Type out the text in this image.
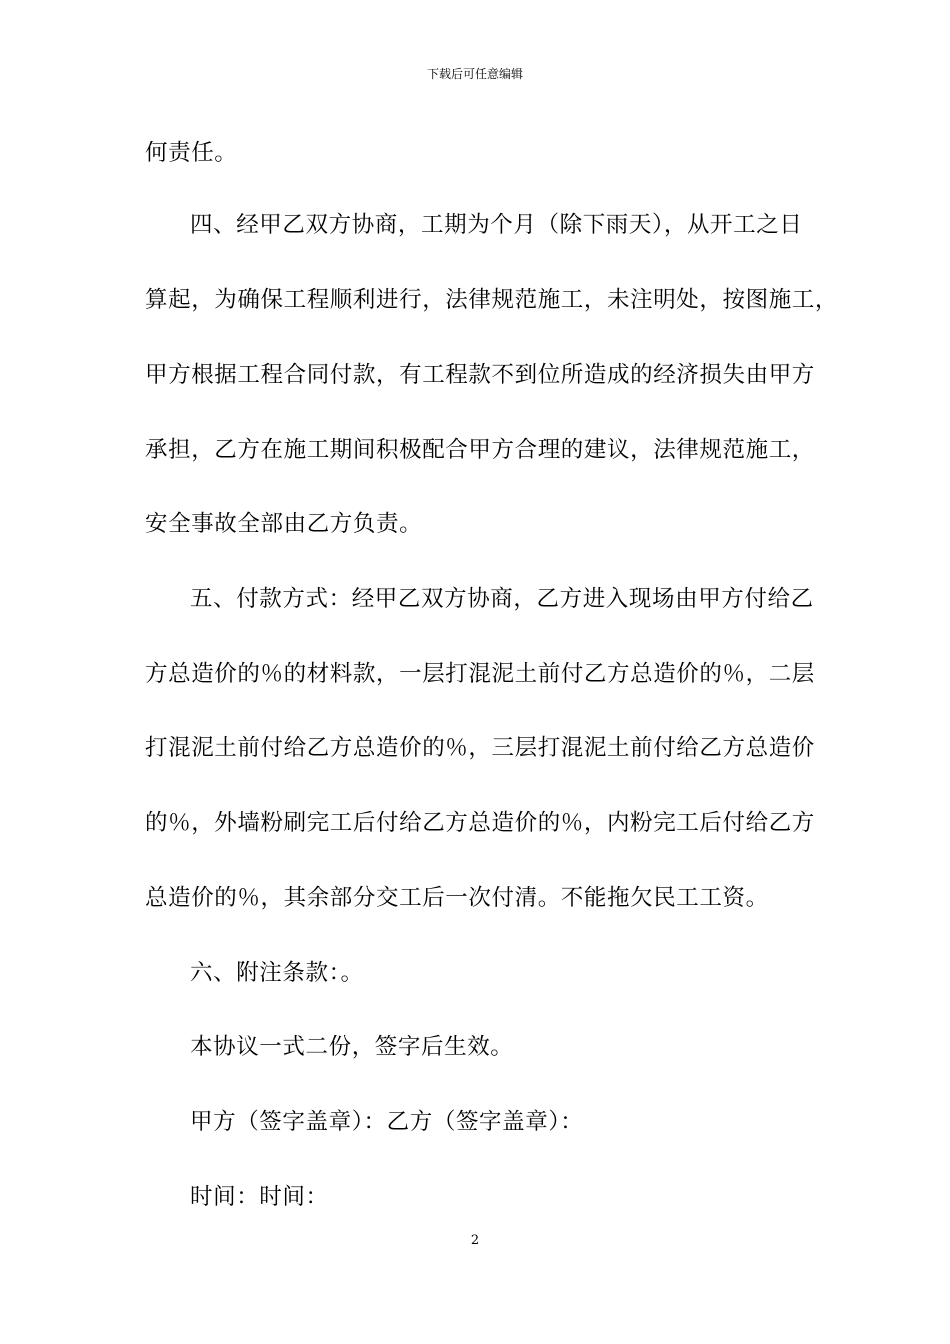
下载后可任意编辑
何责任。
四、经甲乙双方协商，工期为个月（除下雨天），从开工之日
算起，为确保工程顺利进行，法律规范施工，未注明处，按图施工，
甲方根据工程合同付款，有工程款不到位所造成的经济损失由甲方
承担，乙方在施工期间积极配合甲方合理的建议，法律规范施工，
安全事故全部由乙方负责。
五、付款方式：经甲乙双方协商，乙方进入现场由甲方付给乙
方总造价的％的材料款，一层打混泥土前付乙方总造价的％，二层
打混泥土前付给乙方总造价的％，三层打混泥土前付给乙方总造价
的％，外墙粉刷完工后付给乙方总造价的％，内粉完工后付给乙方
总造价的％，其余部分交工后一次付清。不能拖欠民工工资。
六、附注条款：。
本协议一式二份，签字后生效。
甲方（签字盖章）：乙方（签字盖章）：
时间：时间：
2
